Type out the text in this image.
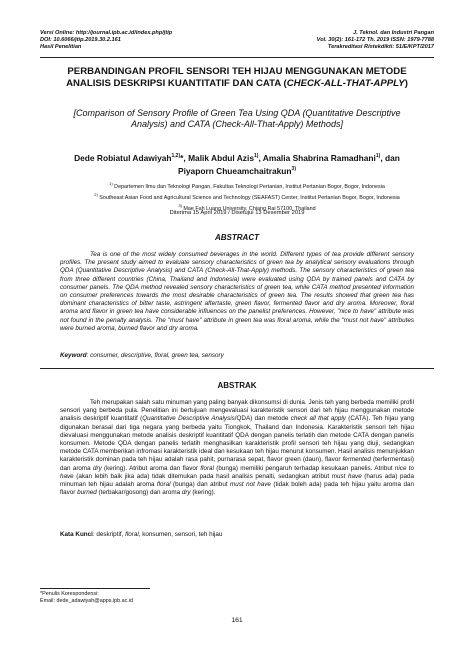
Versi Online: http://journal.ipb.ac.id/index.php/jtip
DOI: 10.6066/jtip.2019.30.2.161
Hasil Penelitian
J. Teknol. dan Industri Pangan
Vol. 30(2): 161-172 Th. 2019 ISSN: 1979-7788
Terakreditasi Ristekdikti: 51/E/KPT/2017
PERBANDINGAN PROFIL SENSORI TEH HIJAU MENGGUNAKAN METODE
ANALISIS DESKRIPSI KUANTITATIF DAN CATA (CHECK-ALL-THAT-APPLY)
[Comparison of Sensory Profile of Green Tea Using QDA (Quantitative Descriptive
Analysis) and CATA (Check-All-That-Apply) Methods]
Dede Robiatul Adawiyah$^{1,2)}$*, Malik Abdul Azis$^{1)}$, Amalia Shabrina Ramadhani$^{1)}$, dan
Piyaporn Chueamchaitrakun$^{3)}$
$^{1)}$ Departemen Ilmu dan Teknologi Pangan, Fakultas Teknologi Pertanian, Institut Pertanian Bogor, Bogor, Indonesia
$^{2)}$ Southeast Asian Food and Agricultural Science and Technology (SEAFAST) Center, Institut Pertanian Bogor, Bogor, Indonesia
$^{3)}$ Mae Fah Luang University, Chiang Rai 57100, Thailand
Diterima 15 April 2019 / Disetujui 13 Desember 2019
ABSTRACT

Tea is one of the most widely consumed beverages in the world. Different types of tea provide different sensory profiles. The present study aimed to evaluate sensory characteristics of green tea by analytical sensory evaluations through QDA (Quantitative Descriptive Analysis) and CATA (Check-All-That-Apply) methods. The sensory characteristics of green tea from three different countries (China, Thailand and Indonesia) were evaluated using QDA by trained panels and CATA by consumer panels. The QDA method revealed sensory characteristics of green tea, while CATA method presented information on consumer preferences towards the most desirable characteristics of green tea. The results showed that green tea has dominant characteristics of bitter taste, astringent aftertaste, green flavor, fermented flavor and dry aroma. Moreover, floral aroma and flavor in green tea have considerable influences on the panelist preferences. However, "nice to have" attribute was not found in the penalty analysis. The "must have" attribute in green tea was floral aroma, while the "must not have" attributes were burned aroma, burned flavor and dry aroma.

Keyword: consumer, descriptive, floral, green tea, sensory
ABSTRAK

Teh merupakan salah satu minuman yang paling banyak dikonsumsi di dunia. Jenis teh yang berbeda memiliki profil sensori yang berbeda pula. Penelitian ini bertujuan mengevaluasi karakteristik sensori dari teh hijau menggunakan metode analisis deskriptif kuantitatif (Quantitative Descriptive Analysis/QDA) dan metode check all that apply (CATA). Teh hijau yang digunakan berasal dari tiga negara yang berbeda yaitu Tiongkok, Thailand dan Indonesia. Karakteristik sensori teh hijau dievaluasi menggunakan metode analisis deskriptif kuantitatif QDA dengan panelis terlatih dan metode CATA dengan panelis konsumen. Metode QDA dengan panelis terlatih menghasilkan karakteristik profil sensori teh hijau yang diuji, sedangkan metode CATA memberikan infromasi karakteristik ideal dan kesukaan teh hijau menurut konsumen. Hasil analisis menunjukkan karakteristik dominan pada teh hijau adalah rasa pahit, purnarasa sepat, flavor green (daun), flavor fermented (terfermentasi) dan aroma dry (kering). Atribut aroma dan flavor floral (bunga) memiliki pengaruh terhadap kesukaan panelis. Atribut nice to have (akan lebih baik jika ada) tidak ditemukan pada hasil analisis penalti, sedangkan atribut must have (harus ada) pada minuman teh hijau adalah aroma floral (bunga) dan atribut must not have (tidak boleh ada) pada teh hijau yaitu aroma dan flavor burned (terbakar/gosong) dan aroma dry (kering).

Kata Kunci: deskriptif, floral, konsumen, sensori, teh hijau
*Penulis Korespondensi:
Email: dede_adawiyah@apps.ipb.ac.id
161
